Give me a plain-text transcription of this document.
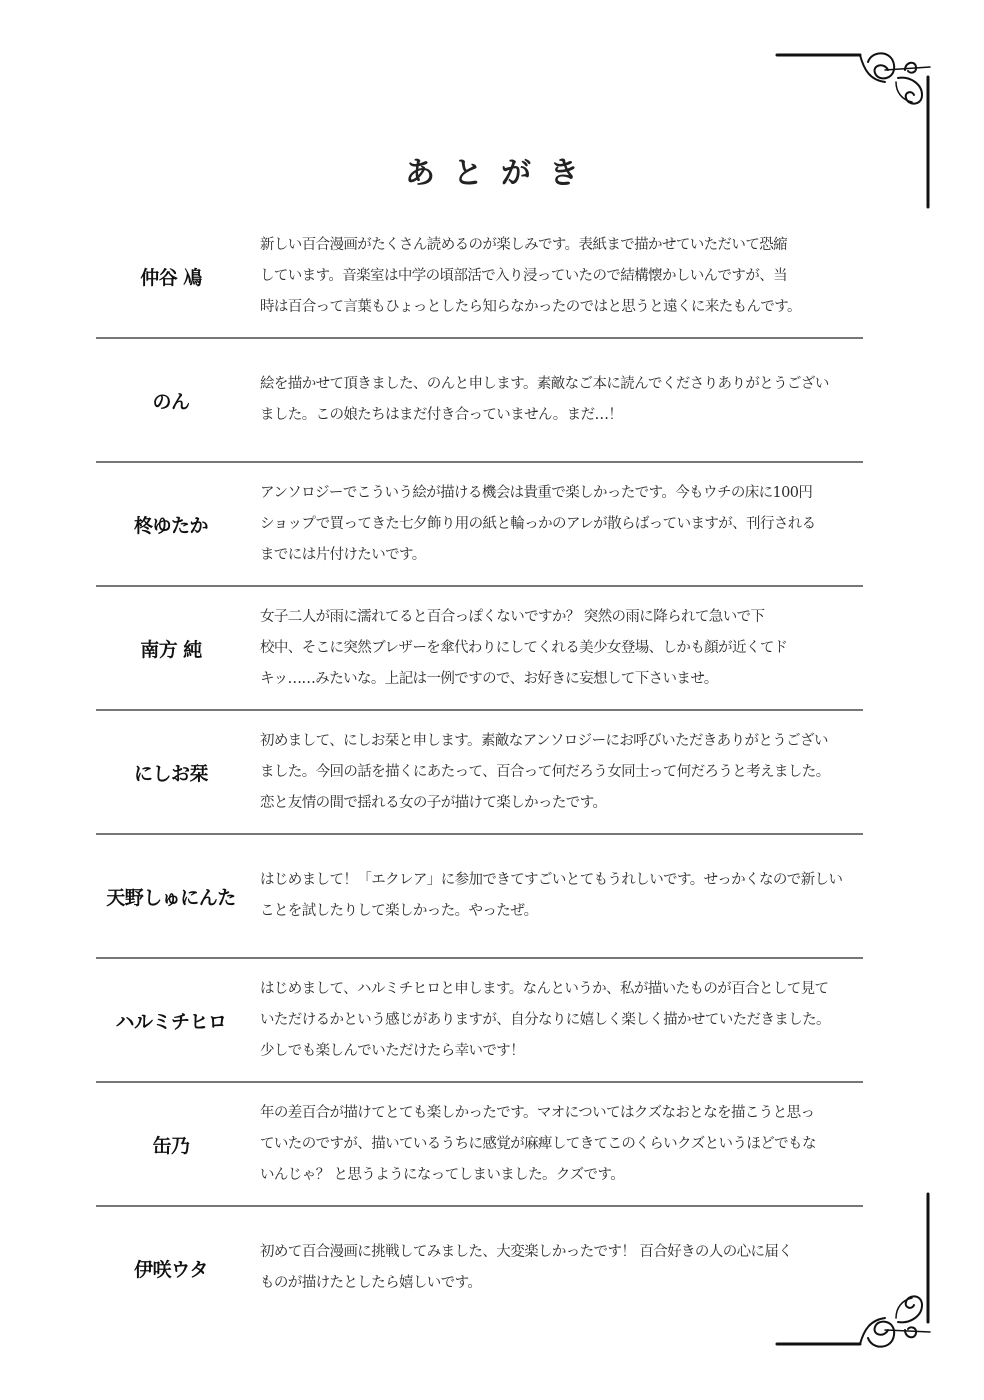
あとがき
仲谷 鳰
新しい百合漫画がたくさん読めるのが楽しみです。表紙まで描かせていただいて恐縮
しています。音楽室は中学の頃部活で入り浸っていたので結構懐かしいんですが、当
時は百合って言葉もひょっとしたら知らなかったのではと思うと遠くに来たもんです。
のん
絵を描かせて頂きました、のんと申します。素敵なご本に読んでくださりありがとうござい
ました。この娘たちはまだ付き合っていません。まだ…！
柊ゆたか
アンソロジーでこういう絵が描ける機会は貴重で楽しかったです。今もウチの床に100円
ショップで買ってきた七夕飾り用の紙と輪っかのアレが散らばっていますが、刊行される
までには片付けたいです。
南方 純
女子二人が雨に濡れてると百合っぽくないですか？ 突然の雨に降られて急いで下
校中、そこに突然ブレザーを傘代わりにしてくれる美少女登場、しかも顔が近くてド
キッ……みたいな。上記は一例ですので、お好きに妄想して下さいませ。
にしお栞
初めまして、にしお栞と申します。素敵なアンソロジーにお呼びいただきありがとうござい
ました。今回の話を描くにあたって、百合って何だろう女同士って何だろうと考えました。
恋と友情の間で揺れる女の子が描けて楽しかったです。
天野しゅにんた
はじめまして！「エクレア」に参加できてすごいとてもうれしいです。せっかくなので新しい
ことを試したりして楽しかった。やったぜ。
ハルミチヒロ
はじめまして、ハルミチヒロと申します。なんというか、私が描いたものが百合として見て
いただけるかという感じがありますが、自分なりに嬉しく楽しく描かせていただきました。
少しでも楽しんでいただけたら幸いです！
缶乃
年の差百合が描けてとても楽しかったです。マオについてはクズなおとなを描こうと思っ
ていたのですが、描いているうちに感覚が麻痺してきてこのくらいクズというほどでもな
いんじゃ？ と思うようになってしまいました。クズです。
伊咲ウタ
初めて百合漫画に挑戦してみました、大変楽しかったです！ 百合好きの人の心に届く
ものが描けたとしたら嬉しいです。
